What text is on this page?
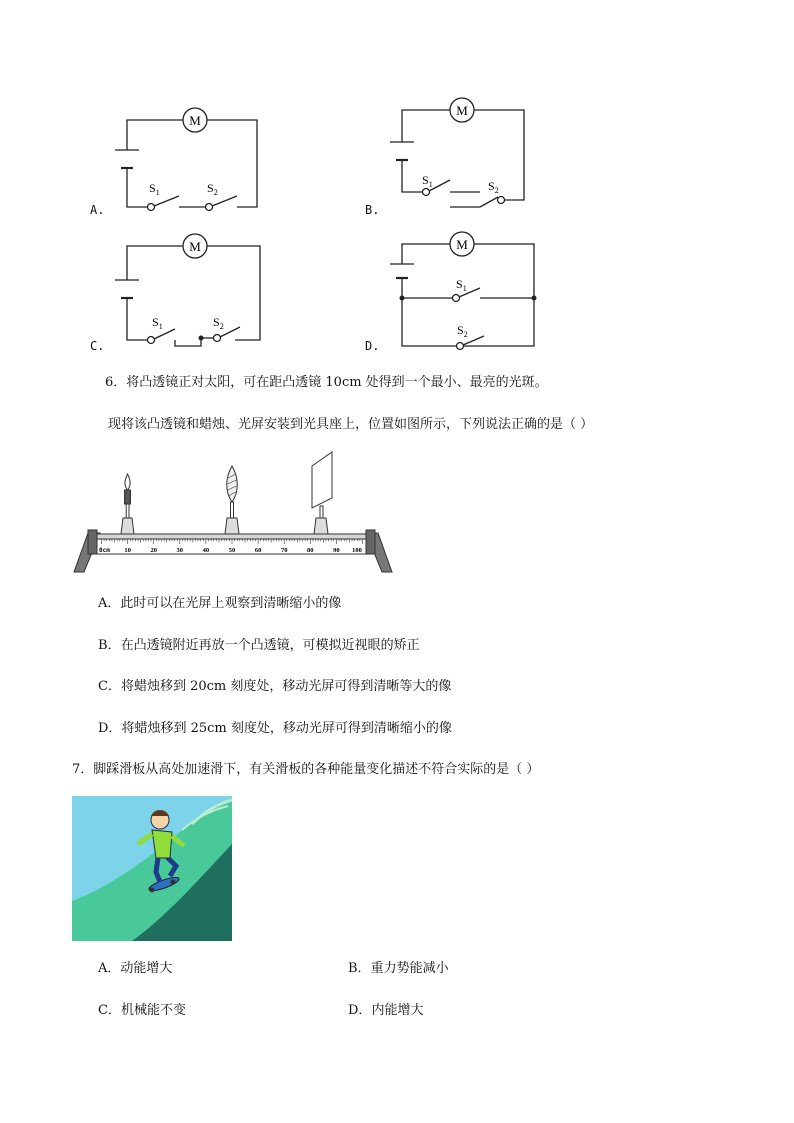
M
$S_1$	$S_2$
A.
M
$S_1$	$S_2$
B.
M
$S_1$	$S_2$
C.
M
$S_1$
$S_2$
D.
6．将凸透镜正对太阳，可在距凸透镜 10cm 处得到一个最小、最亮的光斑。
现将该凸透镜和蜡烛、光屏安装到光具座上，位置如图所示，下列说法正确的是（ ）
0cm 10	20	30	40	50	60	70	80	90 100
A．此时可以在光屏上观察到清晰缩小的像
B．在凸透镜附近再放一个凸透镜，可模拟近视眼的矫正
C．将蜡烛移到 20cm 刻度处，移动光屏可得到清晰等大的像
D．将蜡烛移到 25cm 刻度处，移动光屏可得到清晰缩小的像
7．脚踩滑板从高处加速滑下，有关滑板的各种能量变化描述不符合实际的是（ ）
A．动能增大	B．重力势能减小
C．机械能不变	D．内能增大
